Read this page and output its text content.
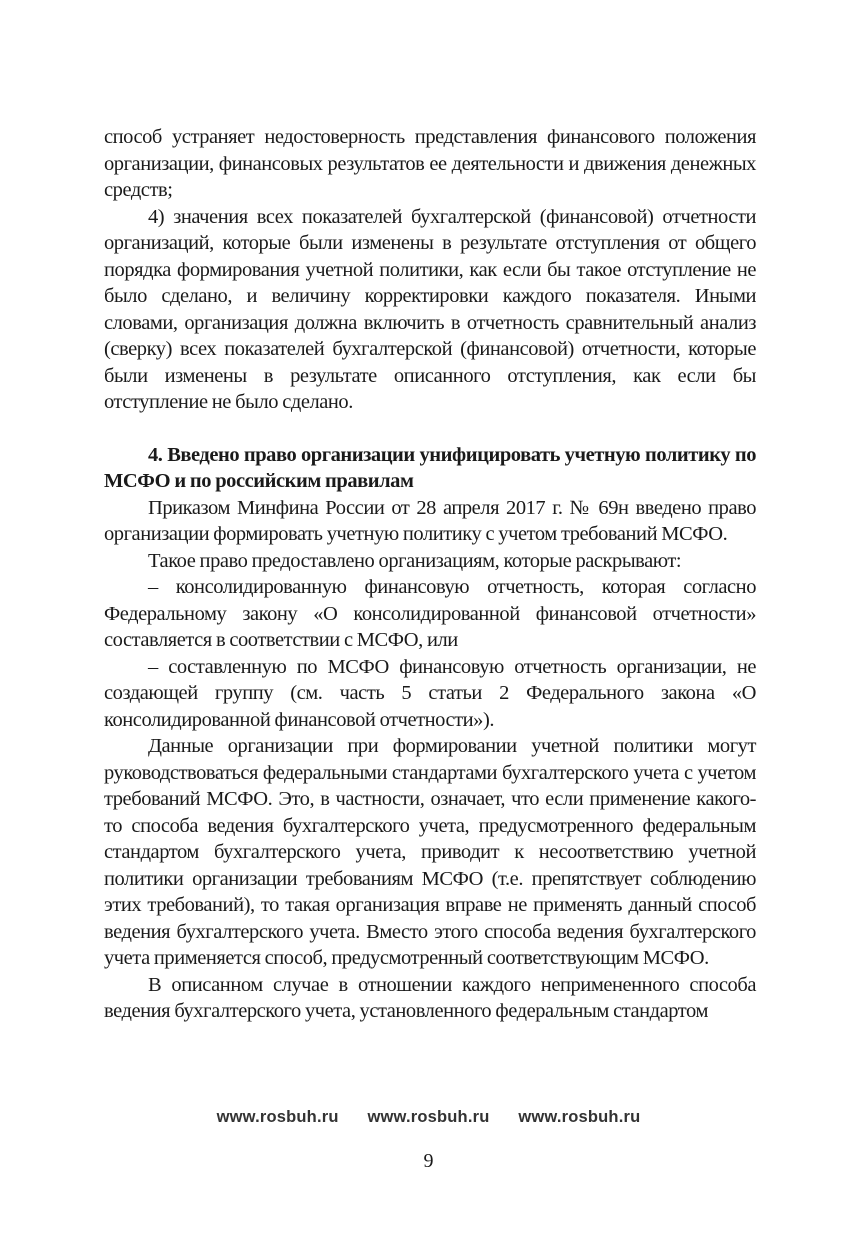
способ устраняет недостоверность представления финансового положения организации, финансовых результатов ее деятельности и движения денежных средств;

4) значения всех показателей бухгалтерской (финансовой) отчетности организаций, которые были изменены в результате отступления от общего порядка формирования учетной политики, как если бы такое отступление не было сделано, и величину корректировки каждого показателя. Иными словами, организация должна включить в отчетность сравнительный анализ (сверку) всех показателей бухгалтерской (финансовой) отчетности, которые были изменены в результате описанного отступления, как если бы отступление не было сделано.

4. Введено право организации унифицировать учетную политику по МСФО и по российским правилам

Приказом Минфина России от 28 апреля 2017 г. № 69н введено право организации формировать учетную политику с учетом требований МСФО.

Такое право предоставлено организациям, которые раскрывают:

– консолидированную финансовую отчетность, которая согласно Федеральному закону «О консолидированной финансовой отчетности» составляется в соответствии с МСФО, или

– составленную по МСФО финансовую отчетность организации, не создающей группу (см. часть 5 статьи 2 Федерального закона «О консолидированной финансовой отчетности»).

Данные организации при формировании учетной политики могут руководствоваться федеральными стандартами бухгалтерского учета с учетом требований МСФО. Это, в частности, означает, что если применение какого-то способа ведения бухгалтерского учета, предусмотренного федеральным стандартом бухгалтерского учета, приводит к несоответствию учетной политики организации требованиям МСФО (т.е. препятствует соблюдению этих требований), то такая организация вправе не применять данный способ ведения бухгалтерского учета. Вместо этого способа ведения бухгалтерского учета применяется способ, предусмотренный соответствующим МСФО.

В описанном случае в отношении каждого непримененного способа ведения бухгалтерского учета, установленного федеральным стандартом

www.rosbuh.ru www.rosbuh.ru www.rosbuh.ru
9
